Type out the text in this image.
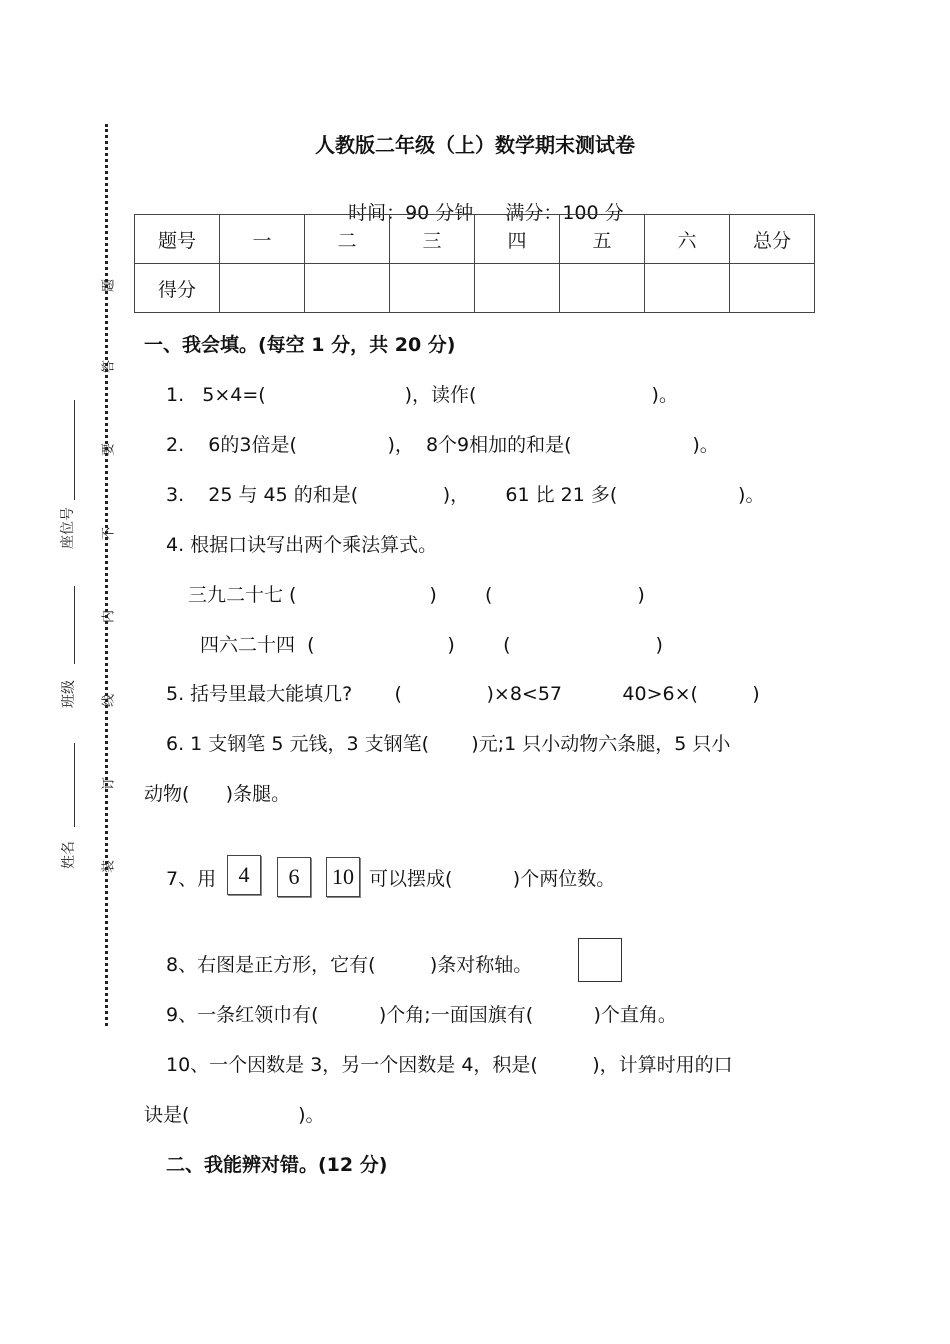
题
答
要
不
内
线
订
装
座位号
班级
姓名
人教版二年级（上）数学期末测试卷

时间：90 分钟 满分：100 分

题号	一	二	三	四	五	六	总分
得分							
一、我会填。(每空 1 分，共 20 分)
1.   5×4=(                       )，读作(                             )。
2.    6的3倍是(               )，  8个9相加的和是(                    )。
3.    25 与 45 的和是(              )，      61 比 21 多(                    )。
4. 根据口诀写出两个乘法算式。
三九二十七 (                      )        (                        )
四六二十四  (                      )        (                        )
5. 括号里最大能填几?       (              )×8<57          40>6×(         )
6. 1 支钢笔 5 元钱，3 支钢笔(       )元;1 只小动物六条腿，5 只小
动物(      )条腿。
7、用	4	6	10 可以摆成(          )个两位数。
8、右图是正方形，它有(         )条对称轴。
9、一条红领巾有(          )个角;一面国旗有(          )个直角。
10、一个因数是 3，另一个因数是 4，积是(         )，计算时用的口
诀是(                  )。
二、我能辨对错。(12 分)
